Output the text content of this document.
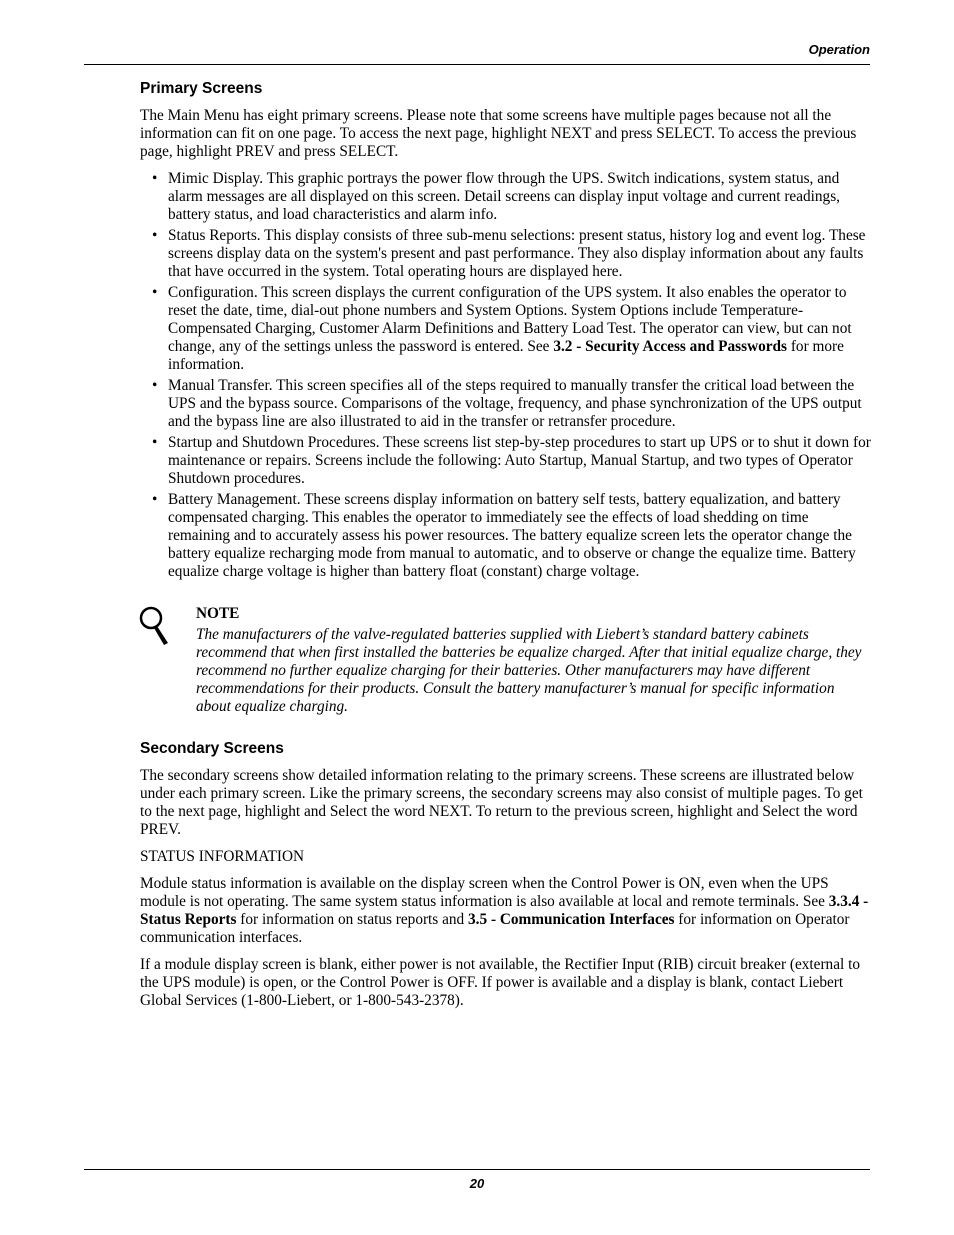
Operation
Primary Screens

The Main Menu has eight primary screens. Please note that some screens have multiple pages because not all the information can fit on one page. To access the next page, highlight NEXT and press SELECT. To access the previous page, highlight PREV and press SELECT.

• Mimic Display. This graphic portrays the power flow through the UPS. Switch indications, system status, and alarm messages are all displayed on this screen. Detail screens can display input voltage and current readings, battery status, and load characteristics and alarm info.
• Status Reports. This display consists of three sub-menu selections: present status, history log and event log. These screens display data on the system's present and past performance. They also display information about any faults that have occurred in the system. Total operating hours are displayed here.
• Configuration. This screen displays the current configuration of the UPS system. It also enables the operator to reset the date, time, dial-out phone numbers and System Options. System Options include Temperature-Compensated Charging, Customer Alarm Definitions and Battery Load Test. The operator can view, but can not change, any of the settings unless the password is entered. See 3.2 - Security Access and Passwords for more information.
• Manual Transfer. This screen specifies all of the steps required to manually transfer the critical load between the UPS and the bypass source. Comparisons of the voltage, frequency, and phase synchronization of the UPS output and the bypass line are also illustrated to aid in the transfer or retransfer procedure.
• Startup and Shutdown Procedures. These screens list step-by-step procedures to start up UPS or to shut it down for maintenance or repairs. Screens include the following: Auto Startup, Manual Startup, and two types of Operator Shutdown procedures.
• Battery Management. These screens display information on battery self tests, battery equalization, and battery compensated charging. This enables the operator to immediately see the effects of load shedding on time remaining and to accurately assess his power resources. The battery equalize screen lets the operator change the battery equalize recharging mode from manual to automatic, and to observe or change the equalize time. Battery equalize charge voltage is higher than battery float (constant) charge voltage.
NOTE
The manufacturers of the valve-regulated batteries supplied with Liebert’s standard battery cabinets recommend that when first installed the batteries be equalize charged. After that initial equalize charge, they recommend no further equalize charging for their batteries. Other manufacturers may have different recommendations for their products. Consult the battery manufacturer’s manual for specific information about equalize charging.
Secondary Screens

The secondary screens show detailed information relating to the primary screens. These screens are illustrated below under each primary screen. Like the primary screens, the secondary screens may also consist of multiple pages. To get to the next page, highlight and Select the word NEXT. To return to the previous screen, highlight and Select the word PREV.

STATUS INFORMATION

Module status information is available on the display screen when the Control Power is ON, even when the UPS module is not operating. The same system status information is also available at local and remote terminals. See 3.3.4 - Status Reports for information on status reports and 3.5 - Communication Interfaces for information on Operator communication interfaces.

If a module display screen is blank, either power is not available, the Rectifier Input (RIB) circuit breaker (external to the UPS module) is open, or the Control Power is OFF. If power is available and a display is blank, contact Liebert Global Services (1-800-Liebert, or 1-800-543-2378).

20
